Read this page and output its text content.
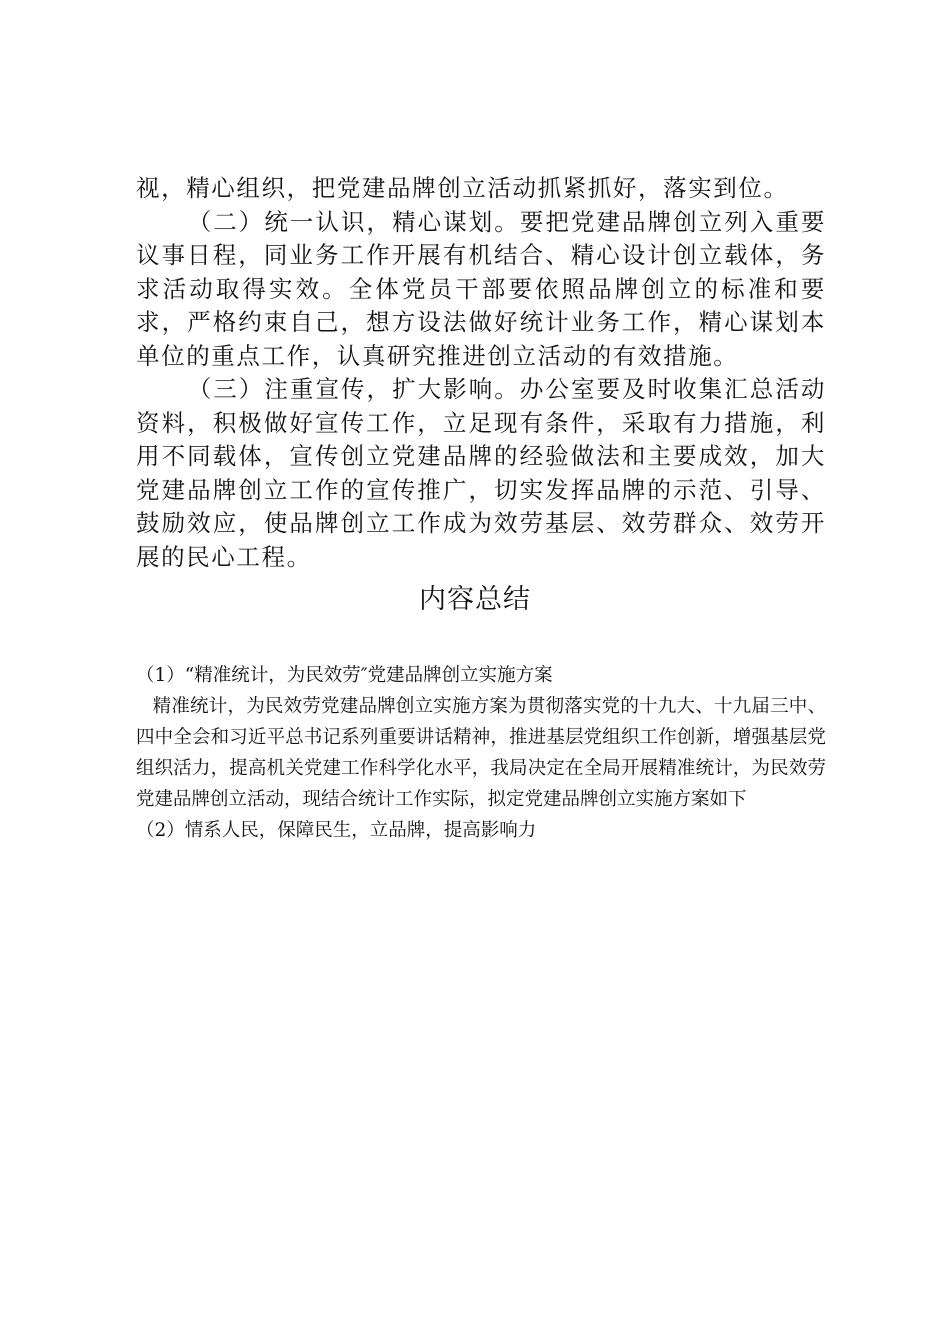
视，精心组织，把党建品牌创立活动抓紧抓好，落实到位。

（二）统一认识，精心谋划。要把党建品牌创立列入重要议事日程，同业务工作开展有机结合、精心设计创立载体，务求活动取得实效。全体党员干部要依照品牌创立的标准和要求，严格约束自己，想方设法做好统计业务工作，精心谋划本单位的重点工作，认真研究推进创立活动的有效措施。

（三）注重宣传，扩大影响。办公室要及时收集汇总活动资料，积极做好宣传工作，立足现有条件，采取有力措施，利用不同载体，宣传创立党建品牌的经验做法和主要成效，加大党建品牌创立工作的宣传推广，切实发挥品牌的示范、引导、鼓励效应，使品牌创立工作成为效劳基层、效劳群众、效劳开展的民心工程。

内容总结

（1）“精准统计，为民效劳″党建品牌创立实施方案

精准统计，为民效劳党建品牌创立实施方案为贯彻落实党的十九大、十九届三中、四中全会和习近平总书记系列重要讲话精神，推进基层党组织工作创新，增强基层党组织活力，提高机关党建工作科学化水平，我局决定在全局开展精准统计，为民效劳党建品牌创立活动，现结合统计工作实际，拟定党建品牌创立实施方案如下

（2）情系人民，保障民生，立品牌，提高影响力
